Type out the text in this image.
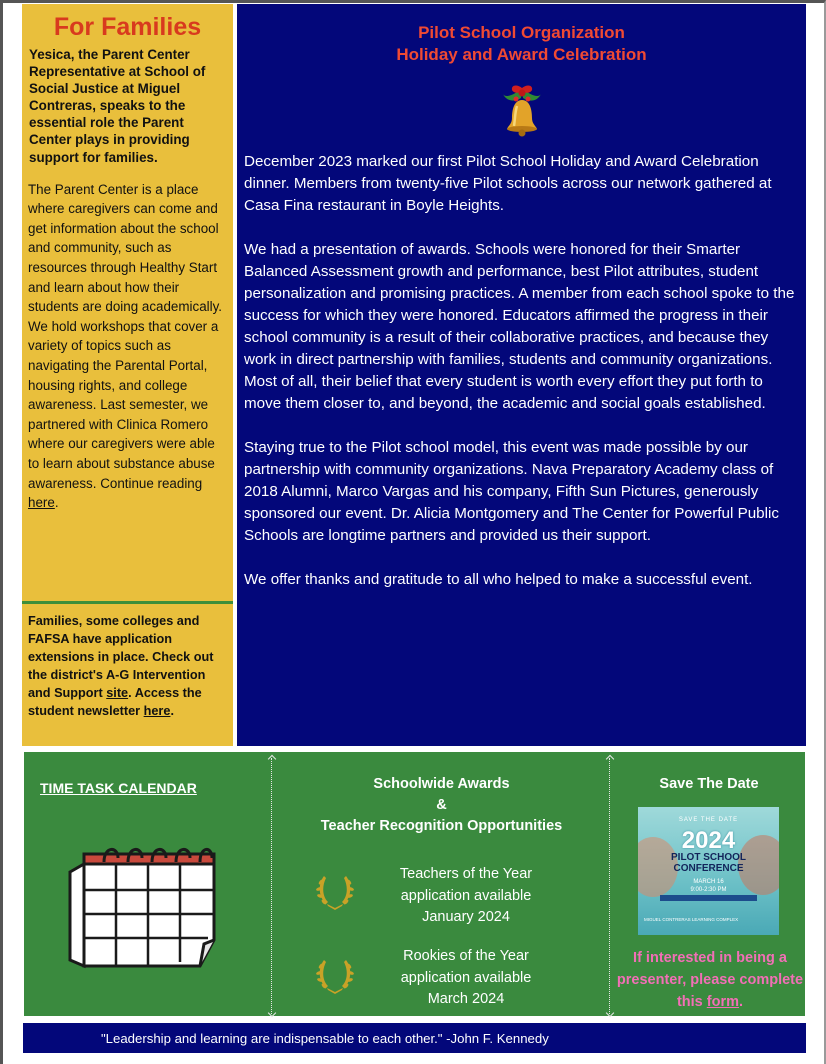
For Families

Yesica, the Parent Center Representative at School of Social Justice at Miguel Contreras, speaks to the essential role the Parent Center plays in providing support for families.

The Parent Center is a place where caregivers can come and get information about the school and community, such as resources through Healthy Start and learn about how their students are doing academically. We hold workshops that cover a variety of topics such as navigating the Parental Portal, housing rights, and college awareness. Last semester, we partnered with Clinica Romero where our caregivers were able to learn about substance abuse awareness. Continue reading here.

Families, some colleges and FAFSA have application extensions in place. Check out the district's A-G Intervention and Support site. Access the student newsletter here.

Pilot School Organization
Holiday and Award Celebration

December 2023 marked our first Pilot School Holiday and Award Celebration dinner. Members from twenty-five Pilot schools across our network gathered at Casa Fina restaurant in Boyle Heights.

We had a presentation of awards. Schools were honored for their Smarter Balanced Assessment growth and performance, best Pilot attributes, student personalization and promising practices. A member from each school spoke to the success for which they were honored. Educators affirmed the progress in their school community is a result of their collaborative practices, and because they work in direct partnership with families, students and community organizations. Most of all, their belief that every student is worth every effort they put forth to move them closer to, and beyond, the academic and social goals established.

Staying true to the Pilot school model, this event was made possible by our partnership with community organizations. Nava Preparatory Academy class of 2018 Alumni, Marco Vargas and his company, Fifth Sun Pictures, generously sponsored our event. Dr. Alicia Montgomery and The Center for Powerful Public Schools are longtime partners and provided us their support.

We offer thanks and gratitude to all who helped to make a successful event.

TIME TASK CALENDAR	Schoolwide Awards
&
Teacher Recognition Opportunities
Teachers of the Year
application available
January 2024
Rookies of the Year
application available
March 2024
Save The Date
SAVE THE DATE
2024
PILOT SCHOOL
CONFERENCE
MARCH 16
9:00-2:30 PM
MIGUEL CONTRERAS LEARNING COMPLEX
If interested in being a presenter, please complete this form.
"Leadership and learning are indispensable to each other." -John F. Kennedy
